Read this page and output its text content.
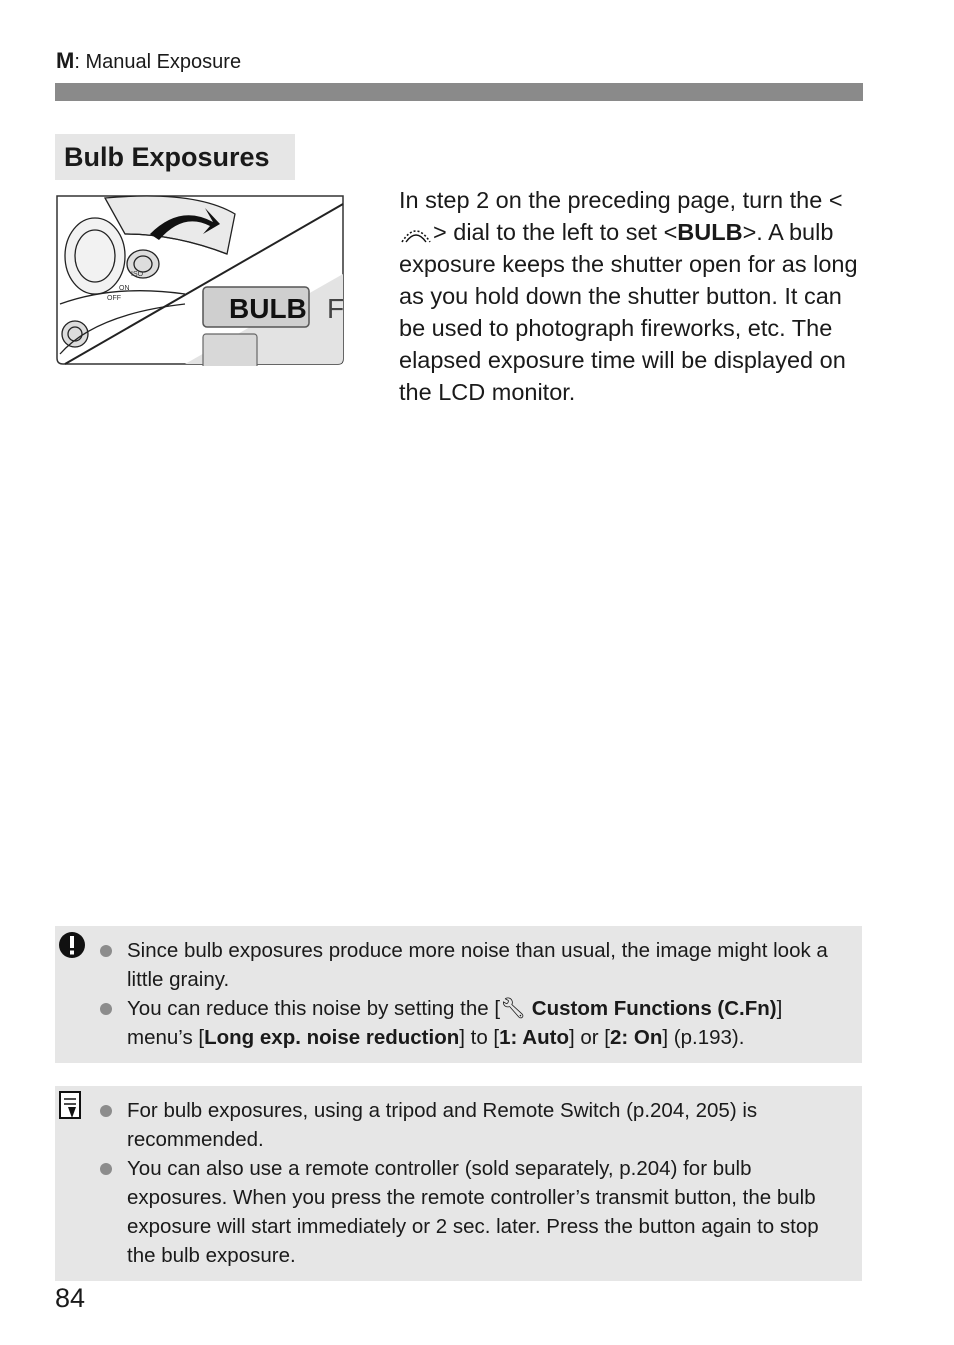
M: Manual Exposure
Bulb Exposures
BULB F
ISO
ON
OFF
In step 2 on the preceding page, turn the <> dial to the left to set <BULB>. A bulb exposure keeps the shutter open for as long as you hold down the shutter button. It can be used to photograph fireworks, etc. The elapsed exposure time will be displayed on the LCD monitor.
Since bulb exposures produce more noise than usual, the image might look a little grainy.
You can reduce this noise by setting the [🔧︎ Custom Functions (C.Fn)] menu’s [Long exp. noise reduction] to [1: Auto] or [2: On] (p.193).
For bulb exposures, using a tripod and Remote Switch (p.204, 205) is recommended.
You can also use a remote controller (sold separately, p.204) for bulb exposures. When you press the remote controller’s transmit button, the bulb exposure will start immediately or 2 sec. later. Press the button again to stop the bulb exposure.
84
